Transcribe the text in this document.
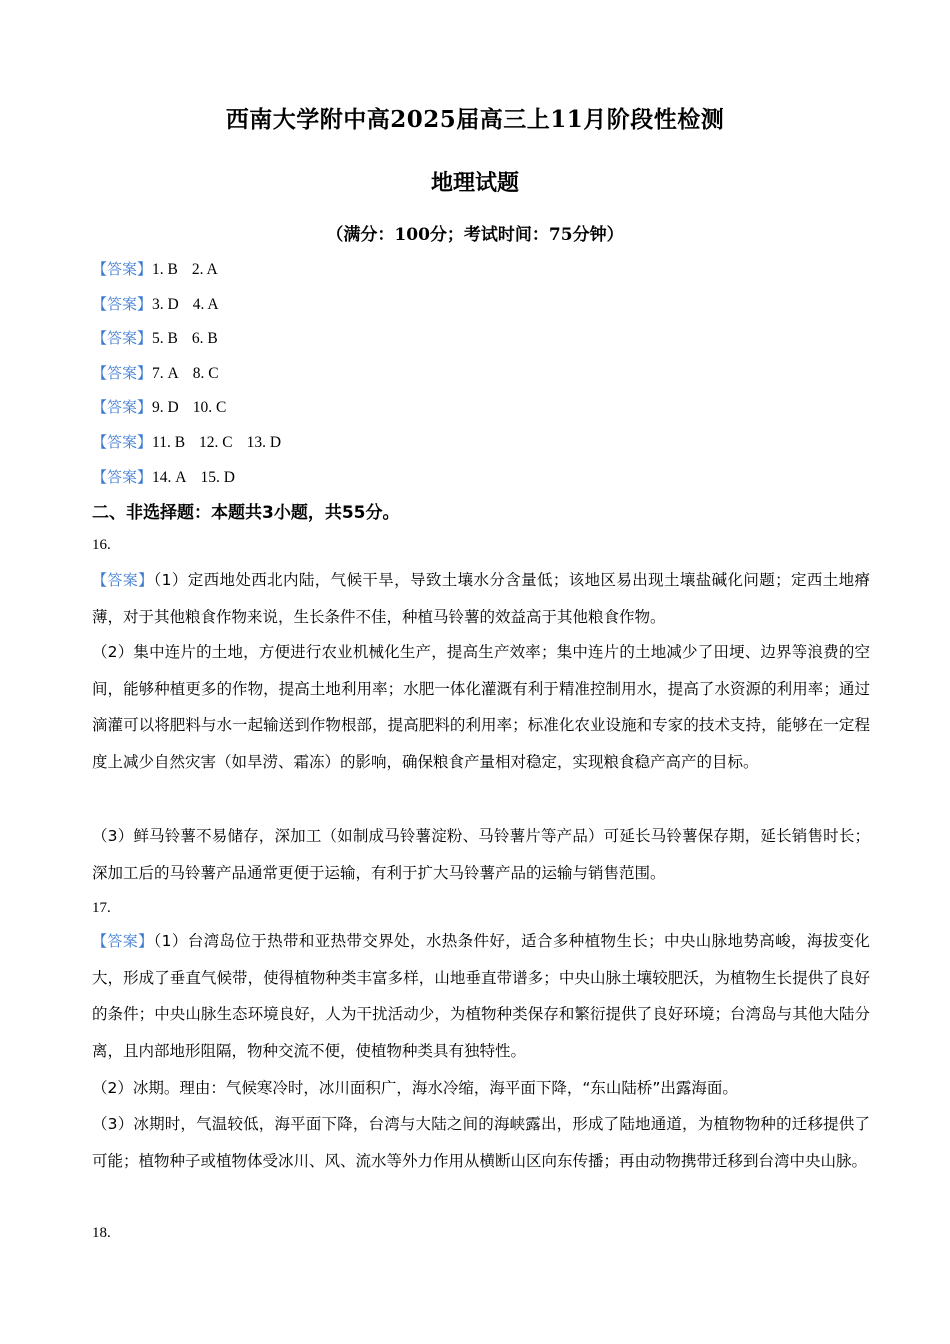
西南大学附中高2025届高三上11月阶段性检测
地理试题
（满分：100分；考试时间：75分钟）
【答案】1. B 2. A
【答案】3. D 4. A
【答案】5. B 6. B
【答案】7. A 8. C
【答案】9. D 10. C
【答案】11. B 12. C 13. D
【答案】14. A 15. D
二、非选择题：本题共3小题，共55分。
16.
【答案】（1）定西地处西北内陆，气候干旱，导致土壤水分含量低；该地区易出现土壤盐碱化问题；定西土地瘠薄，对于其他粮食作物来说，生长条件不佳，种植马铃薯的效益高于其他粮食作物。
（2）集中连片的土地，方便进行农业机械化生产，提高生产效率；集中连片的土地减少了田埂、边界等浪费的空间，能够种植更多的作物，提高土地利用率；水肥一体化灌溉有利于精准控制用水，提高了水资源的利用率；通过滴灌可以将肥料与水一起输送到作物根部，提高肥料的利用率；标准化农业设施和专家的技术支持，能够在一定程度上减少自然灾害（如旱涝、霜冻）的影响，确保粮食产量相对稳定，实现粮食稳产高产的目标。
（3）鲜马铃薯不易储存，深加工（如制成马铃薯淀粉、马铃薯片等产品）可延长马铃薯保存期，延长销售时长；深加工后的马铃薯产品通常更便于运输，有利于扩大马铃薯产品的运输与销售范围。
17.
【答案】（1）台湾岛位于热带和亚热带交界处，水热条件好，适合多种植物生长；中央山脉地势高峻，海拔变化大，形成了垂直气候带，使得植物种类丰富多样，山地垂直带谱多；中央山脉土壤较肥沃，为植物生长提供了良好的条件；中央山脉生态环境良好，人为干扰活动少，为植物种类保存和繁衍提供了良好环境；台湾岛与其他大陆分离，且内部地形阻隔，物种交流不便，使植物种类具有独特性。
（2）冰期。理由：气候寒冷时，冰川面积广，海水冷缩，海平面下降，“东山陆桥”出露海面。
（3）冰期时，气温较低，海平面下降，台湾与大陆之间的海峡露出，形成了陆地通道，为植物物种的迁移提供了可能；植物种子或植物体受冰川、风、流水等外力作用从横断山区向东传播；再由动物携带迁移到台湾中央山脉。
18.
